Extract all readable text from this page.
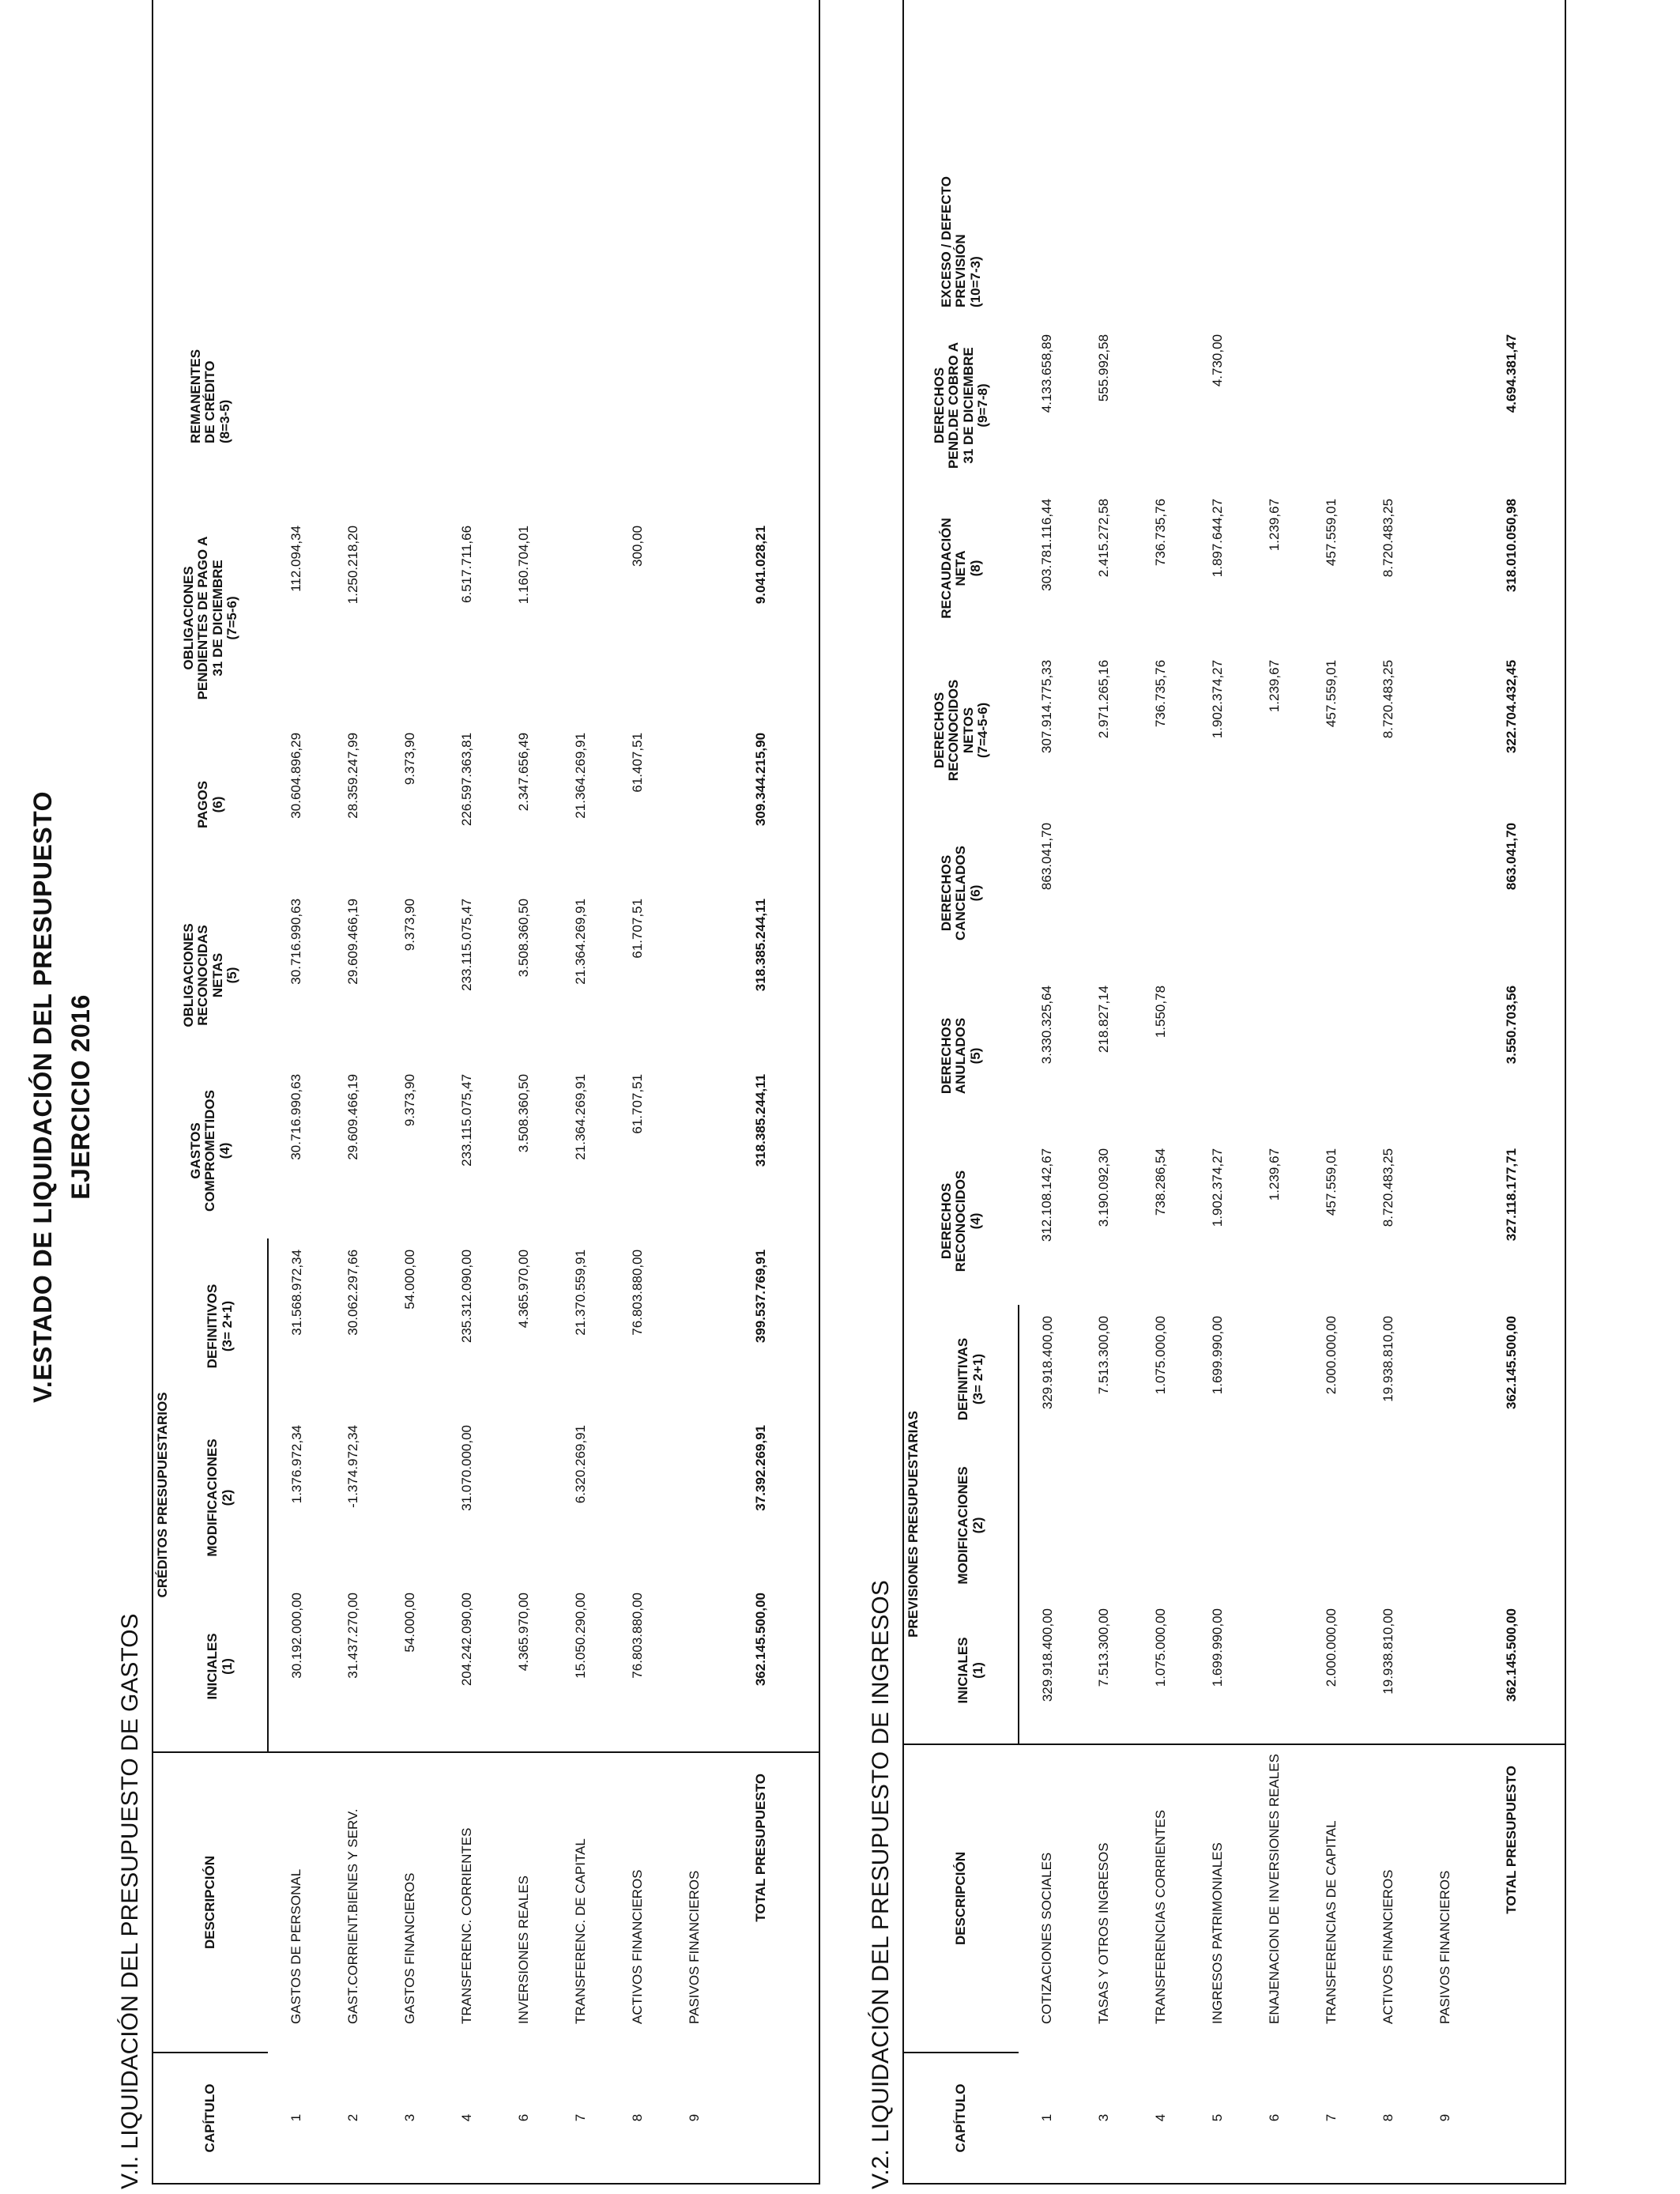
V.ESTADO DE LIQUIDACIÓN DEL PRESUPUESTO EJERCICIO 2016
V.I. LIQUIDACIÓN DEL PRESUPUESTO DE GASTOS	CAPÍTULO	DESCRIPCIÓN	CRÉDITOS PRESUPUESTARIOS			GASTOS COMPROMETIDOS (4)	OBLIGACIONES RECONOCIDAS NETAS (5)	PAGOS (6)	OBLIGACIONES PENDIENTES DE PAGO A 31 DE DICIEMBRE (7=5-6)	REMANENTES DE CRÉDITO (8=3-5)

		INICIALES (1)	MODIFICACIONES (2)	DEFINITIVOS (3= 2+1)					

1	GASTOS DE PERSONAL	30.192.000,00	1.376.972,34	31.568.972,34	30.716.990,63	30.716.990,63	30.604.896,29	112.094,34	
2	GAST.CORRIENT.BIENES Y SERV.	31.437.270,00	-1.374.972,34	30.062.297,66	29.609.466,19	29.609.466,19	28.359.247,99	1.250.218,20	
3	GASTOS FINANCIEROS	54.000,00		54.000,00	9.373,90	9.373,90	9.373,90		
4	TRANSFERENC. CORRIENTES	204.242.090,00	31.070.000,00	235.312.090,00	233.115.075,47	233.115.075,47	226.597.363,81	6.517.711,66	
6	INVERSIONES REALES	4.365.970,00		4.365.970,00	3.508.360,50	3.508.360,50	2.347.656,49	1.160.704,01	
7	TRANSFERENC. DE CAPITAL	15.050.290,00	6.320.269,91	21.370.559,91	21.364.269,91	21.364.269,91	21.364.269,91		
8	ACTIVOS FINANCIEROS	76.803.880,00		76.803.880,00	61.707,51	61.707,51	61.407,51	300,00	
9	PASIVOS FINANCIEROS								
	TOTAL PRESUPUESTO	362.145.500,00	37.392.269,91	399.537.769,91	318.385.244,11	318.385.244,11	309.344.215,90	9.041.028,21	

V.2. LIQUIDACIÓN DEL PRESUPUESTO DE INGRESOS	CAPÍTULO	DESCRIPCIÓN	PREVISIONES PRESUPUESTARIAS			DERECHOS RECONOCIDOS (4)	DERECHOS ANULADOS (5)	DERECHOS CANCELADOS (6)	DERECHOS RECONOCIDOS NETOS (7=4-5-6)	RECAUDACIÓN NETA (8)	DERECHOS PEND.DE COBRO A 31 DE DICIEMBRE (9=7-8)	EXCESO / DEFECTO PREVISIÓN (10=7-3)

		INICIALES (1)	MODIFICACIONES (2)	DEFINITIVAS (3= 2+1)							

1	COTIZACIONES SOCIALES	329.918.400,00		329.918.400,00	312.108.142,67	3.330.325,64	863.041,70	307.914.775,33	303.781.116,44	4.133.658,89	
3	TASAS Y OTROS INGRESOS	7.513.300,00		7.513.300,00	3.190.092,30	218.827,14		2.971.265,16	2.415.272,58	555.992,58	
4	TRANSFERENCIAS CORRIENTES	1.075.000,00		1.075.000,00	738.286,54	1.550,78		736.735,76	736.735,76		
5	INGRESOS PATRIMONIALES	1.699.990,00		1.699.990,00	1.902.374,27			1.902.374,27	1.897.644,27	4.730,00	
6	ENAJENACION DE INVERSIONES REALES				1.239,67			1.239,67	1.239,67		
7	TRANSFERENCIAS DE CAPITAL	2.000.000,00		2.000.000,00	457.559,01			457.559,01	457.559,01		
8	ACTIVOS FINANCIEROS	19.938.810,00		19.938.810,00	8.720.483,25			8.720.483,25	8.720.483,25		
9	PASIVOS FINANCIEROS										
	TOTAL PRESUPUESTO	362.145.500,00		362.145.500,00	327.118.177,71	3.550.703,56	863.041,70	322.704.432,45	318.010.050,98	4.694.381,47	
